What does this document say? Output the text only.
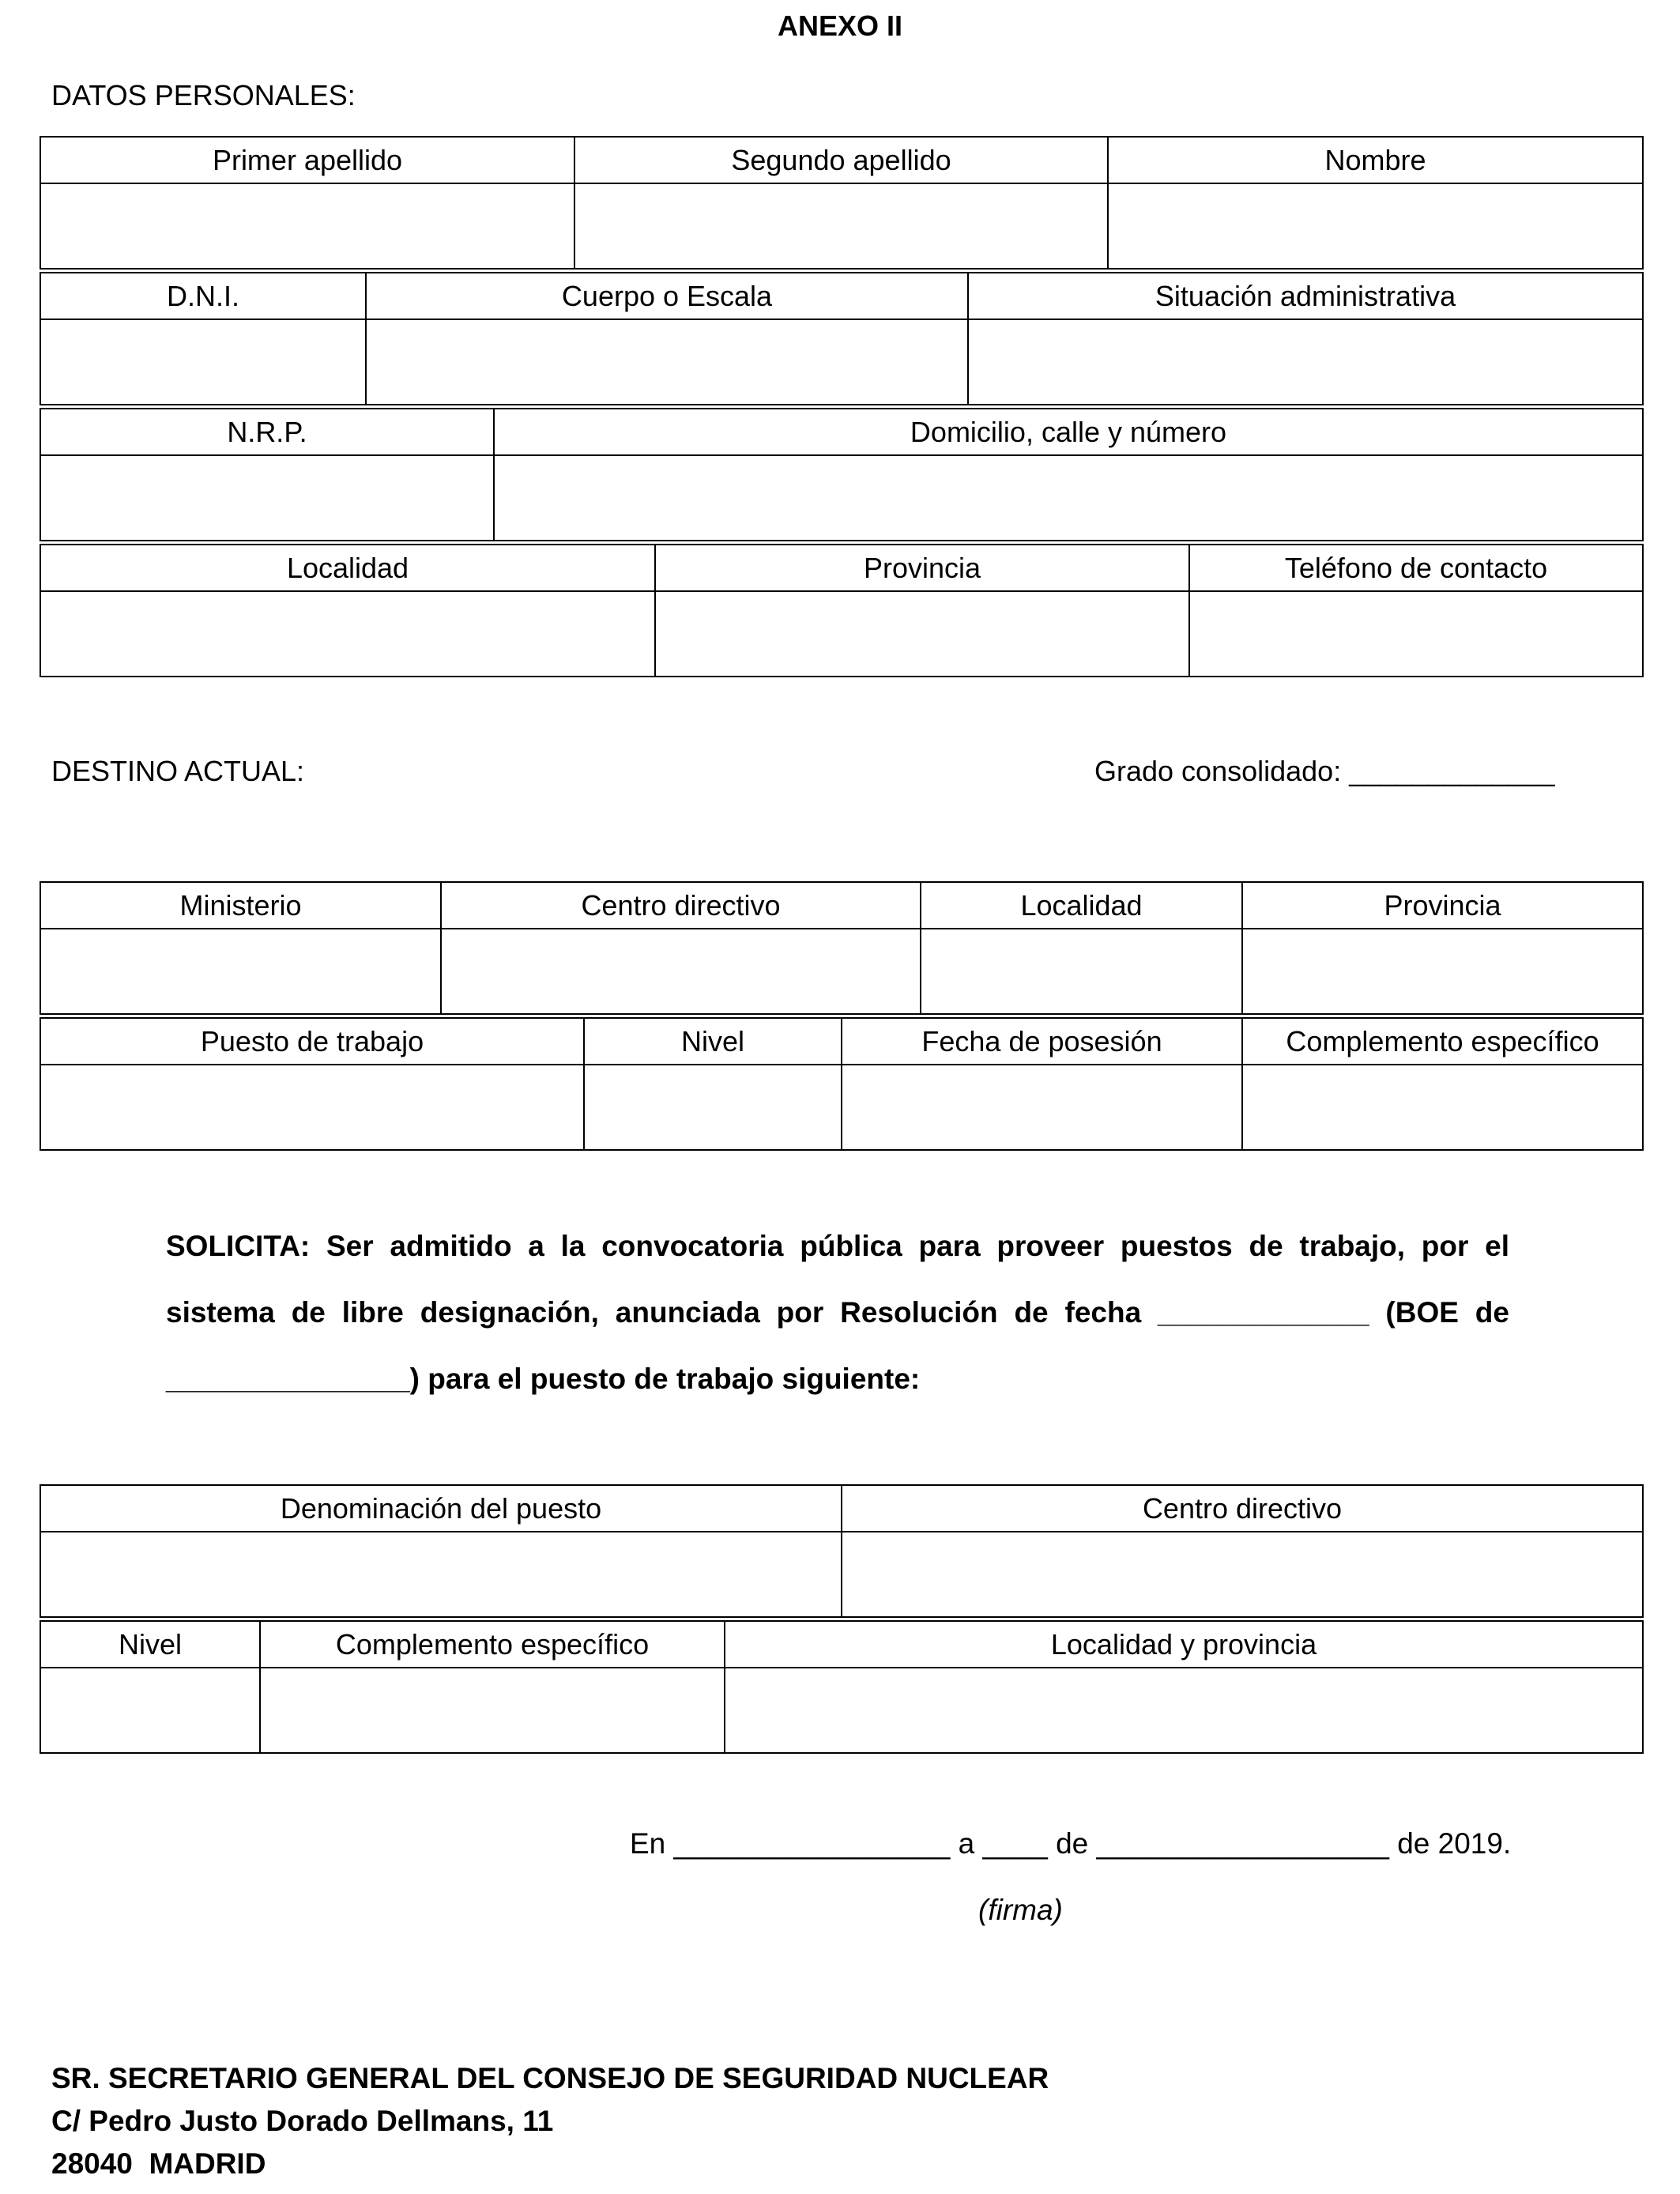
ANEXO II
DATOS PERSONALES:
Primer apellido	Segundo apellido	Nombre

D.N.I.	Cuerpo o Escala	Situación administrativa

N.R.P.	Domicilio, calle y número

Localidad	Provincia	Teléfono de contacto

DESTINO ACTUAL:	Grado consolidado: _____________
Ministerio	Centro directivo	Localidad	Provincia

Puesto de trabajo	Nivel	Fecha de posesión	Complemento específico

SOLICITA: Ser admitido a la convocatoria pública para proveer puestos de trabajo, por el sistema de libre designación, anunciada por Resolución de fecha _____________ (BOE de _______________) para el puesto de trabajo siguiente:
Denominación del puesto	Centro directivo

Nivel	Complemento específico	Localidad y provincia

En _________________ a ____ de __________________ de 2019.
(firma)
SR. SECRETARIO GENERAL DEL CONSEJO DE SEGURIDAD NUCLEAR
C/ Pedro Justo Dorado Dellmans, 11
28040  MADRID
